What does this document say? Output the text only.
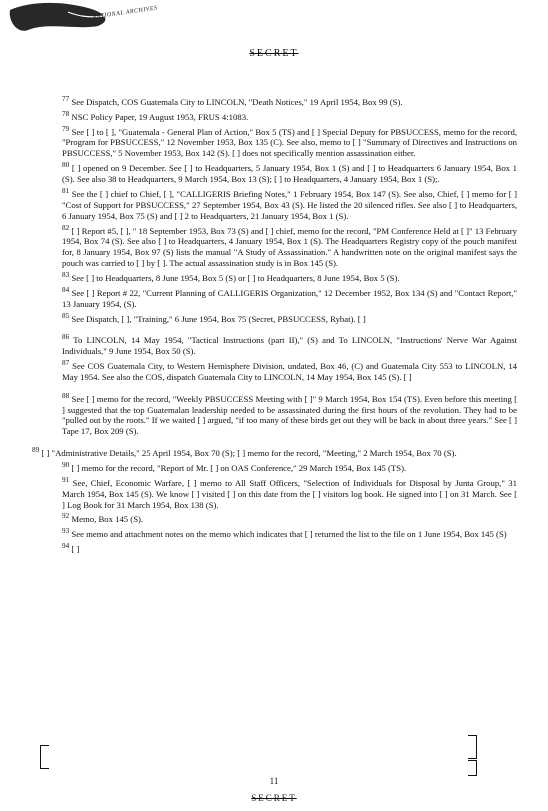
NATIONAL ARCHIVES
SECRET

$^{77}$ See Dispatch, COS Guatemala City to LINCOLN, "Death Notices," 19 April 1954, Box 99 (S).

$^{78}$ NSC Policy Paper, 19 August 1953, FRUS 4:1083.

$^{79}$ See [ ] to [ ], "Guatemala - General Plan of Action," Box 5 (TS) and [ ] Special Deputy for PBSUCCESS, memo for the record, "Program for PBSUCCESS," 12 November 1953, Box 135 (C). See also, memo to [ ] "Summary of Directives and Instructions on PBSUCCESS," 5 November 1953, Box 142 (S). [ ] does not specifically mention assassination either.

$^{80}$ [ ] opened on 9 December. See [ ] to Headquarters, 5 January 1954, Box 1 (S) and [ ] to Headquarters 6 January 1954, Box 1 (S). See also 38 to Headquarters, 9 March 1954, Box 13 (S); [ ] to Headquarters, 4 January 1954, Box 1 (S);.

$^{81}$ See the [ ] chief to Chief, [ ], "CALLIGERIS Briefing Notes," 1 February 1954, Box 147 (S). See also, Chief, [ ] memo for [ ] "Cost of Support for PBSUCCESS," 27 September 1954, Box 43 (S). He listed the 20 silenced rifles. See also [ ] to Headquarters, 6 January 1954, Box 75 (S) and [ ] 2 to Headquarters, 21 January 1954, Box 1 (S).

$^{82}$ [ ] Report #5, [ ], " 18 September 1953, Box 73 (S) and [ ] chief, memo for the record, "PM Conference Held at [ ]" 13 February 1954, Box 74 (S). See also [ ] to Headquarters, 4 January 1954, Box 1 (S). The Headquarters Registry copy of the pouch manifest for, 8 January 1954, Box 97 (S) lists the manual "A Study of Assassination." A handwritten note on the original manifest says the pouch was carried to [ ] by [ ]. The actual assassination study is in Box 145 (S).

$^{83}$ See [ ] to Headquarters, 8 June 1954, Box 5 (S) or [ ] to Headquarters, 8 June 1954, Box 5 (S).

$^{84}$ See [ ] Report # 22, "Current Planning of CALLIGERIS Organization," 12 December 1952, Box 134 (S) and "Contact Report," 13 January 1954, (S).

$^{85}$ See Dispatch, [ ], "Training," 6 June 1954, Box 75 (Secret, PBSUCCESS, Rybat). [ ]

$^{86}$ To LINCOLN, 14 May 1954, "Tactical Instructions (part II)," (S) and To LINCOLN, "Instructions' Nerve War Against Individuals," 9 June 1954, Box 50 (S).

$^{87}$ See COS Guatemala City, to Western Hemisphere Division, undated, Box 46, (C) and Guatemala City 553 to LINCOLN, 14 May 1954. See also the COS, dispatch Guatemala City to LINCOLN, 14 May 1954, Box 145 (S). [ ]

$^{88}$ See [ ] memo for the record, "Weekly PBSUCCESS Meeting with [ ]" 9 March 1954, Box 154 (TS). Even before this meeting [ ] suggested that the top Guatemalan leadership needed to be assassinated during the first hours of the revolution. They had to be "pulled out by the roots." If we waited [ ] argued, "if too many of these birds get out they will be back in about three years." See [ ] Tape 17, Box 209 (S).

$^{89}$ [ ] "Administrative Details," 25 April 1954, Box 70 (S); [ ] memo for the record, "Meeting," 2 March 1954, Box 70 (S).

$^{90}$ [ ] memo for the record, "Report of Mr. [ ] on OAS Conference," 29 March 1954, Box 145 (TS).

$^{91}$ See, Chief, Economic Warfare, [ ] memo to All Staff Officers, "Selection of Individuals for Disposal by Junta Group," 31 March 1954, Box 145 (S). We know [ ] visited [ ] on this date from the [ ] visitors log book. He signed into [ ] on 31 March. See [ ] Log Book for 31 March 1954, Box 138 (S).

$^{92}$ Memo, Box 145 (S).

$^{93}$ See memo and attachment notes on the memo which indicates that [ ] returned the list to the file on 1 June 1954, Box 145 (S)

$^{94}$ [ ]

11
SECRET
